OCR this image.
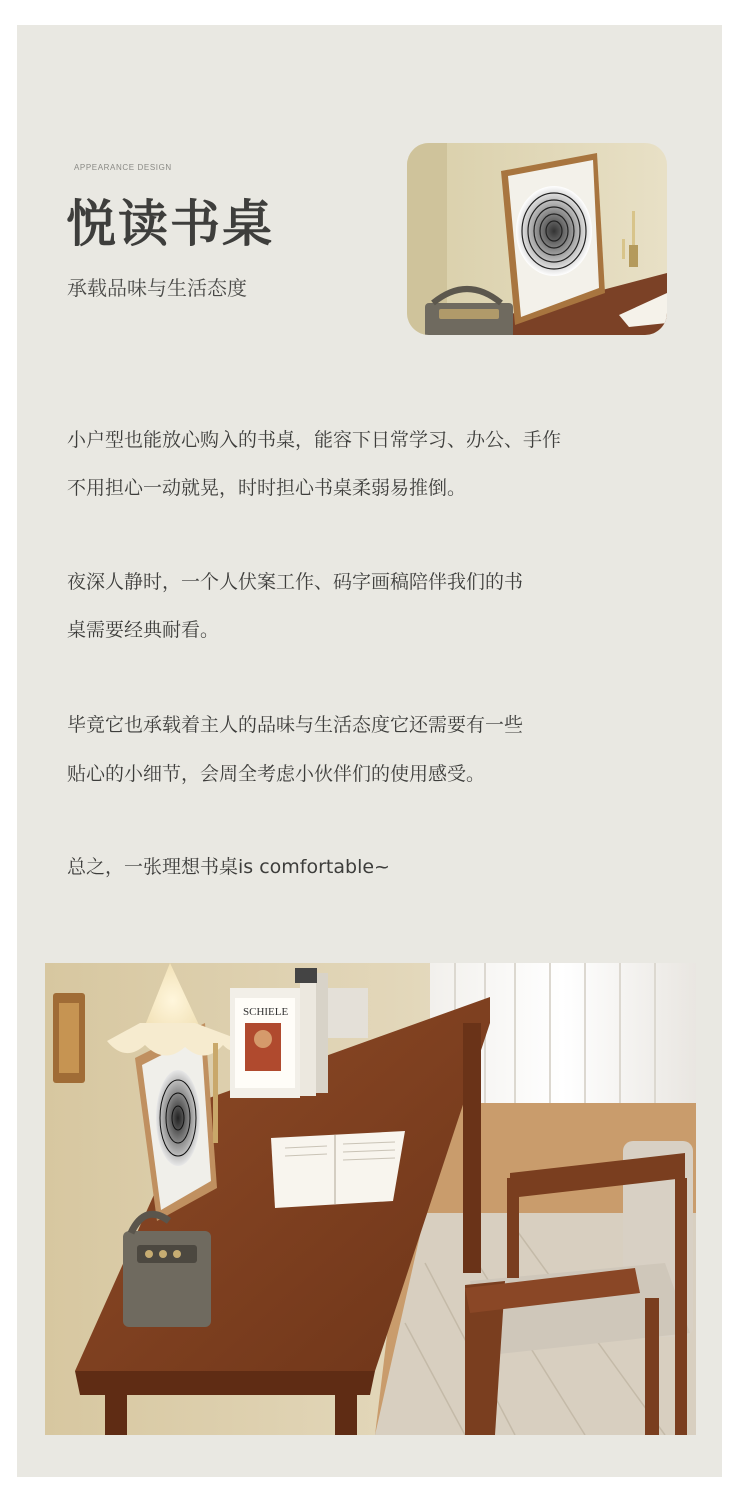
APPEARANCE DESIGN
悦读书桌
承载品味与生活态度
小户型也能放心购入的书桌，能容下日常学习、办公、手作
不用担心一动就晃，时时担心书桌柔弱易推倒。
夜深人静时，一个人伏案工作、码字画稿陪伴我们的书
桌需要经典耐看。
毕竟它也承载着主人的品味与生活态度它还需要有一些
贴心的小细节，会周全考虑小伙伴们的使用感受。
总之，一张理想书桌is comfortable~
SCHIELE
